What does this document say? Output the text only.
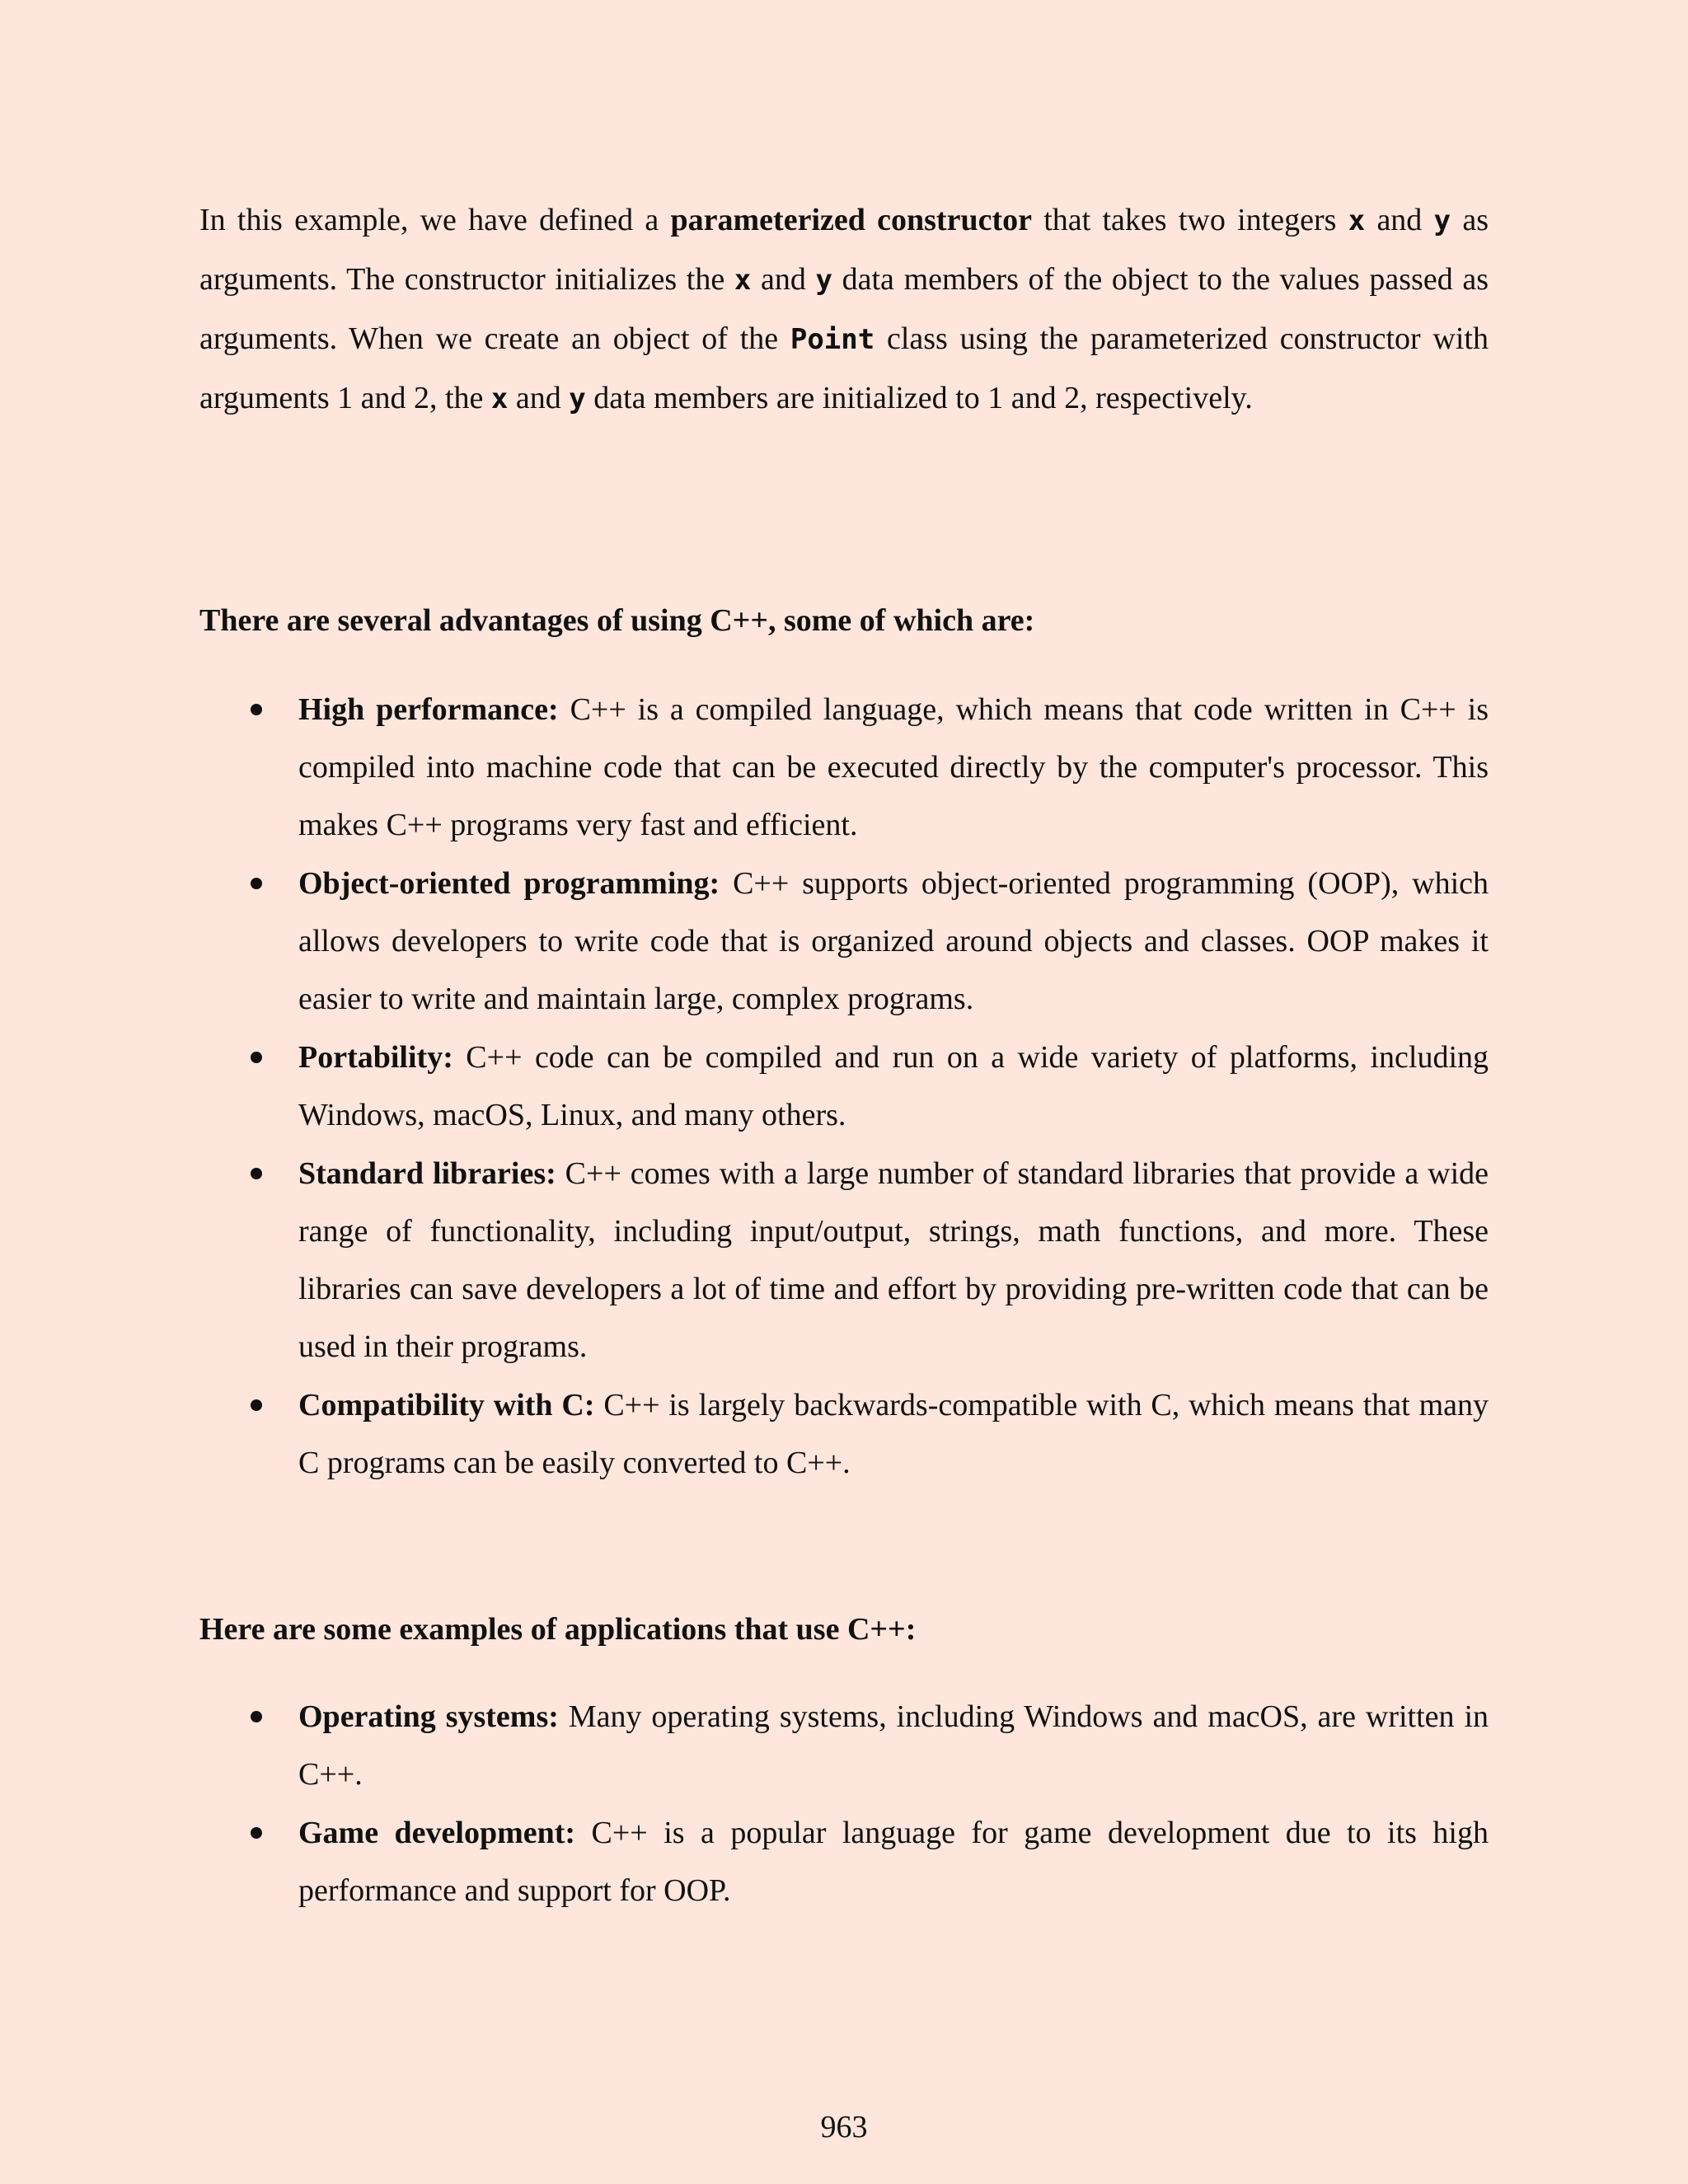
In this example, we have defined a parameterized constructor that takes two integers x and y as arguments. The constructor initializes the x and y data members of the object to the values passed as arguments. When we create an object of the Point class using the parameterized constructor with arguments 1 and 2, the x and y data members are initialized to 1 and 2, respectively.

There are several advantages of using C++, some of which are:
High performance: C++ is a compiled language, which means that code written in C++ is compiled into machine code that can be executed directly by the computer's processor. This makes C++ programs very fast and efficient.
Object-oriented programming: C++ supports object-oriented programming (OOP), which allows developers to write code that is organized around objects and classes. OOP makes it easier to write and maintain large, complex programs.
Portability: C++ code can be compiled and run on a wide variety of platforms, including Windows, macOS, Linux, and many others.
Standard libraries: C++ comes with a large number of standard libraries that provide a wide range of functionality, including input/output, strings, math functions, and more. These libraries can save developers a lot of time and effort by providing pre-written code that can be used in their programs.
Compatibility with C: C++ is largely backwards-compatible with C, which means that many C programs can be easily converted to C++.
Here are some examples of applications that use C++:
Operating systems: Many operating systems, including Windows and macOS, are written in C++.
Game development: C++ is a popular language for game development due to its high performance and support for OOP.
963
